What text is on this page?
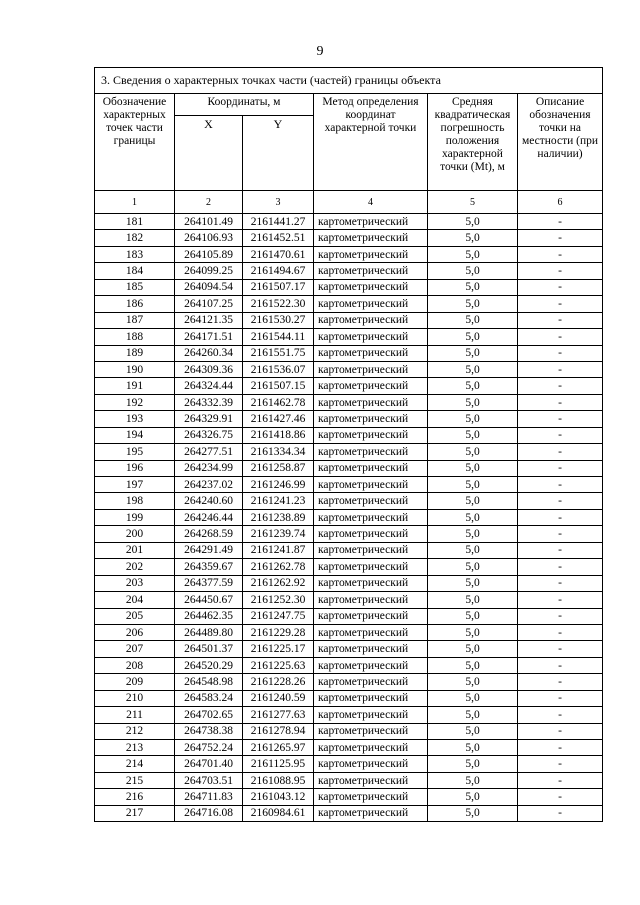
9
3. Сведения о характерных точках части (частей) границы объекта					
Обозначение характерных точек части границы	Координаты, м		Метод определения координат характерной точки	Средняя квадратическая погрешность положения характерной точки (Mt), м	Описание обозначения точки на местности (при наличии)
	X	Y			
1	2	3	4	5	6
181	264101.49	2161441.27	картометрический	5,0	-
182	264106.93	2161452.51	картометрический	5,0	-
183	264105.89	2161470.61	картометрический	5,0	-
184	264099.25	2161494.67	картометрический	5,0	-
185	264094.54	2161507.17	картометрический	5,0	-
186	264107.25	2161522.30	картометрический	5,0	-
187	264121.35	2161530.27	картометрический	5,0	-
188	264171.51	2161544.11	картометрический	5,0	-
189	264260.34	2161551.75	картометрический	5,0	-
190	264309.36	2161536.07	картометрический	5,0	-
191	264324.44	2161507.15	картометрический	5,0	-
192	264332.39	2161462.78	картометрический	5,0	-
193	264329.91	2161427.46	картометрический	5,0	-
194	264326.75	2161418.86	картометрический	5,0	-
195	264277.51	2161334.34	картометрический	5,0	-
196	264234.99	2161258.87	картометрический	5,0	-
197	264237.02	2161246.99	картометрический	5,0	-
198	264240.60	2161241.23	картометрический	5,0	-
199	264246.44	2161238.89	картометрический	5,0	-
200	264268.59	2161239.74	картометрический	5,0	-
201	264291.49	2161241.87	картометрический	5,0	-
202	264359.67	2161262.78	картометрический	5,0	-
203	264377.59	2161262.92	картометрический	5,0	-
204	264450.67	2161252.30	картометрический	5,0	-
205	264462.35	2161247.75	картометрический	5,0	-
206	264489.80	2161229.28	картометрический	5,0	-
207	264501.37	2161225.17	картометрический	5,0	-
208	264520.29	2161225.63	картометрический	5,0	-
209	264548.98	2161228.26	картометрический	5,0	-
210	264583.24	2161240.59	картометрический	5,0	-
211	264702.65	2161277.63	картометрический	5,0	-
212	264738.38	2161278.94	картометрический	5,0	-
213	264752.24	2161265.97	картометрический	5,0	-
214	264701.40	2161125.95	картометрический	5,0	-
215	264703.51	2161088.95	картометрический	5,0	-
216	264711.83	2161043.12	картометрический	5,0	-
217	264716.08	2160984.61	картометрический	5,0	-
